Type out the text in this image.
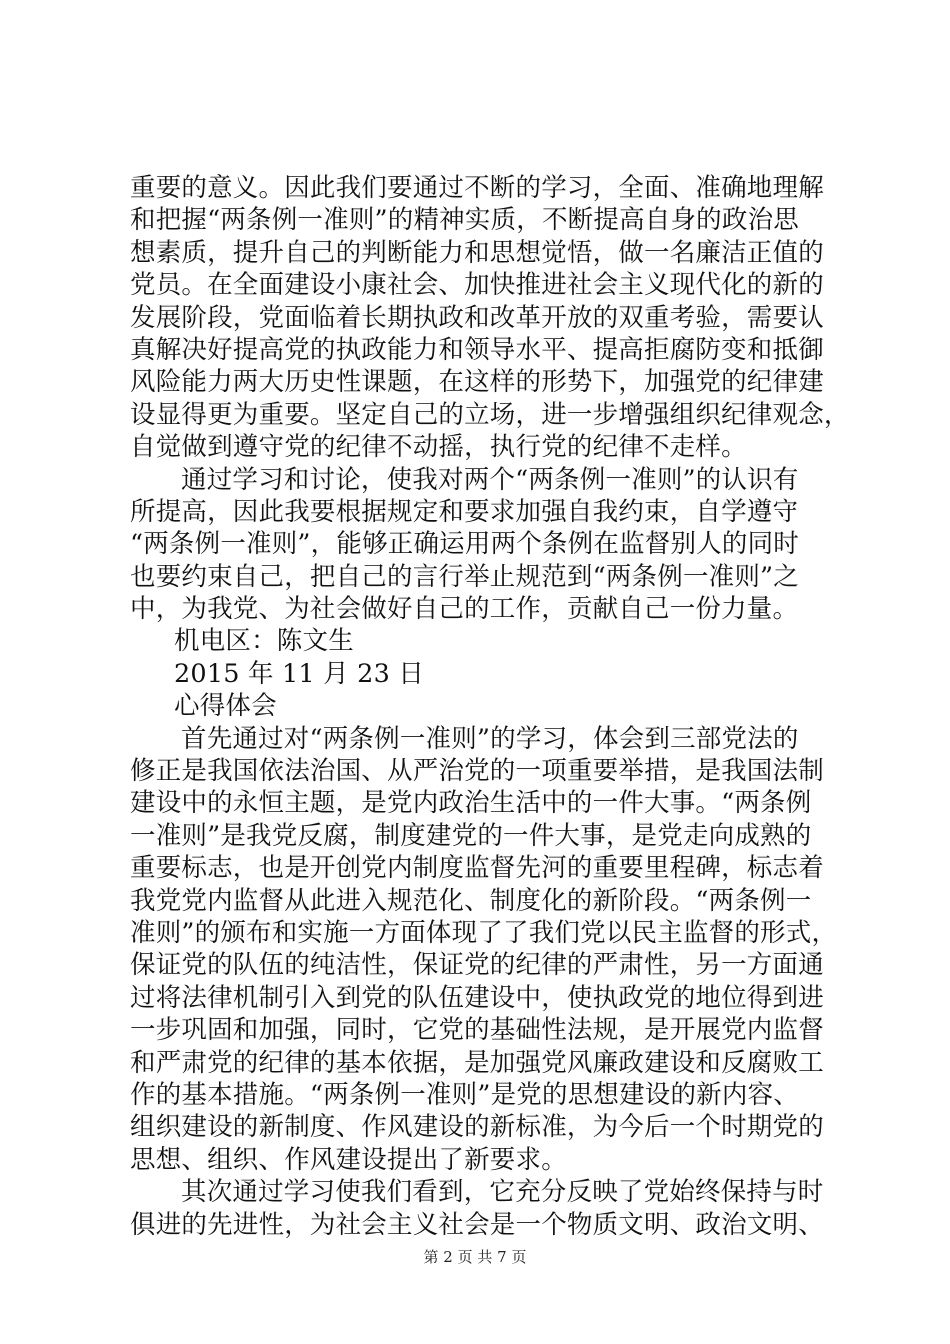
重要的意义。因此我们要通过不断的学习，全面、准确地理解
和把握“两条例一准则”的精神实质，不断提高自身的政治思
想素质，提升自己的判断能力和思想觉悟，做一名廉洁正值的
党员。在全面建设小康社会、加快推进社会主义现代化的新的
发展阶段，党面临着长期执政和改革开放的双重考验，需要认
真解决好提高党的执政能力和领导水平、提高拒腐防变和抵御
风险能力两大历史性课题，在这样的形势下，加强党的纪律建
设显得更为重要。坚定自己的立场，进一步增强组织纪律观念，
自觉做到遵守党的纪律不动摇，执行党的纪律不走样。
通过学习和讨论，使我对两个“两条例一准则”的认识有
所提高，因此我要根据规定和要求加强自我约束，自学遵守
“两条例一准则”，能够正确运用两个条例在监督别人的同时
也要约束自己，把自己的言行举止规范到“两条例一准则”之
中，为我党、为社会做好自己的工作，贡献自己一份力量。
机电区：陈文生
2015 年 11 月 23 日
心得体会
首先通过对“两条例一准则”的学习，体会到三部党法的
修正是我国依法治国、从严治党的一项重要举措，是我国法制
建设中的永恒主题，是党内政治生活中的一件大事。“两条例
一准则”是我党反腐，制度建党的一件大事，是党走向成熟的
重要标志，也是开创党内制度监督先河的重要里程碑，标志着
我党党内监督从此进入规范化、制度化的新阶段。“两条例一
准则”的颁布和实施一方面体现了了我们党以民主监督的形式，
保证党的队伍的纯洁性，保证党的纪律的严肃性，另一方面通
过将法律机制引入到党的队伍建设中，使执政党的地位得到进
一步巩固和加强，同时，它党的基础性法规，是开展党内监督
和严肃党的纪律的基本依据，是加强党风廉政建设和反腐败工
作的基本措施。“两条例一准则”是党的思想建设的新内容、
组织建设的新制度、作风建设的新标准，为今后一个时期党的
思想、组织、作风建设提出了新要求。
其次通过学习使我们看到，它充分反映了党始终保持与时
俱进的先进性，为社会主义社会是一个物质文明、政治文明、
第 2 页 共 7 页
